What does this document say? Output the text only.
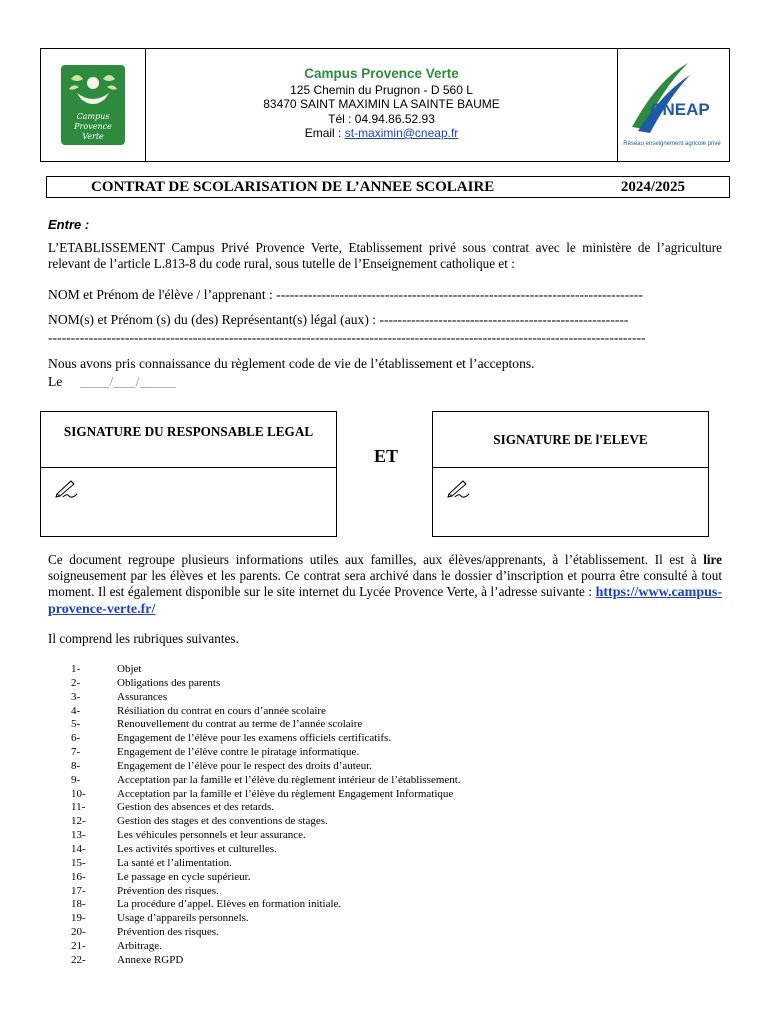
Campus
Provence
Verte
Campus Provence Verte
125 Chemin du Prugnon - D 560 L
83470 SAINT MAXIMIN LA SAINTE BAUME
Tél : 04.94.86.52.93
Email : st-maximin@cneap.fr
CNEAP
Réseau enseignement agricole privé
CONTRAT DE SCOLARISATION DE L’ANNEE SCOLAIRE	2024/2025
Entre :
L’ETABLISSEMENT Campus Privé Provence Verte, Etablissement privé sous contrat avec le ministère de l’agriculture relevant de l’article L.813-8 du code rural, sous tutelle de l’Enseignement catholique et :
NOM et Prénom de l'élève / l’apprenant : ---------------------------------------------------------------------------------
NOM(s) et Prénom (s) du (des) Représentant(s) légal (aux) : -------------------------------------------------------
------------------------------------------------------------------------------------------------------------------------------------
Nous avons pris connaissance du règlement code de vie de l’établissement et l’acceptons.
Le ____/___/_____

SIGNATURE DU RESPONSABLE LEGAL

ET

SIGNATURE DE l'ELEVE

Ce document regroupe plusieurs informations utiles aux familles, aux élèves/apprenants, à l’établissement. Il est à lire soigneusement par les élèves et les parents. Ce contrat sera archivé dans le dossier d’inscription et pourra être consulté à tout moment. Il est également disponible sur le site internet du Lycée Provence Verte, à l’adresse suivante : https://www.campus-provence-verte.fr/
Il comprend les rubriques suivantes.
1-	Objet
2-	Obligations des parents
3-	Assurances
4-	Résiliation du contrat en cours d’année scolaire
5-	Renouvellement du contrat au terme de l’année scolaire
6-	Engagement de l’élève pour les examens officiels certificatifs.
7-	Engagement de l’élève contre le piratage informatique.
8-	Engagement de l’élève pour le respect des droits d’auteur.
9-	Acceptation par la famille et l’élève du règlement intérieur de l’établissement.
10-	Acceptation par la famille et l’élève du règlement Engagement Informatique
11-	Gestion des absences et des retards.
12-	Gestion des stages et des conventions de stages.
13-	Les véhicules personnels et leur assurance.
14-	Les activités sportives et culturelles.
15-	La santé et l’alimentation.
16-	Le passage en cycle supérieur.
17-	Prévention des risques.
18-	La procédure d’appel. Elèves en formation initiale.
19-	Usage d’appareils personnels.
20-	Prévention des risques.
21-	Arbitrage.
22-	Annexe RGPD
